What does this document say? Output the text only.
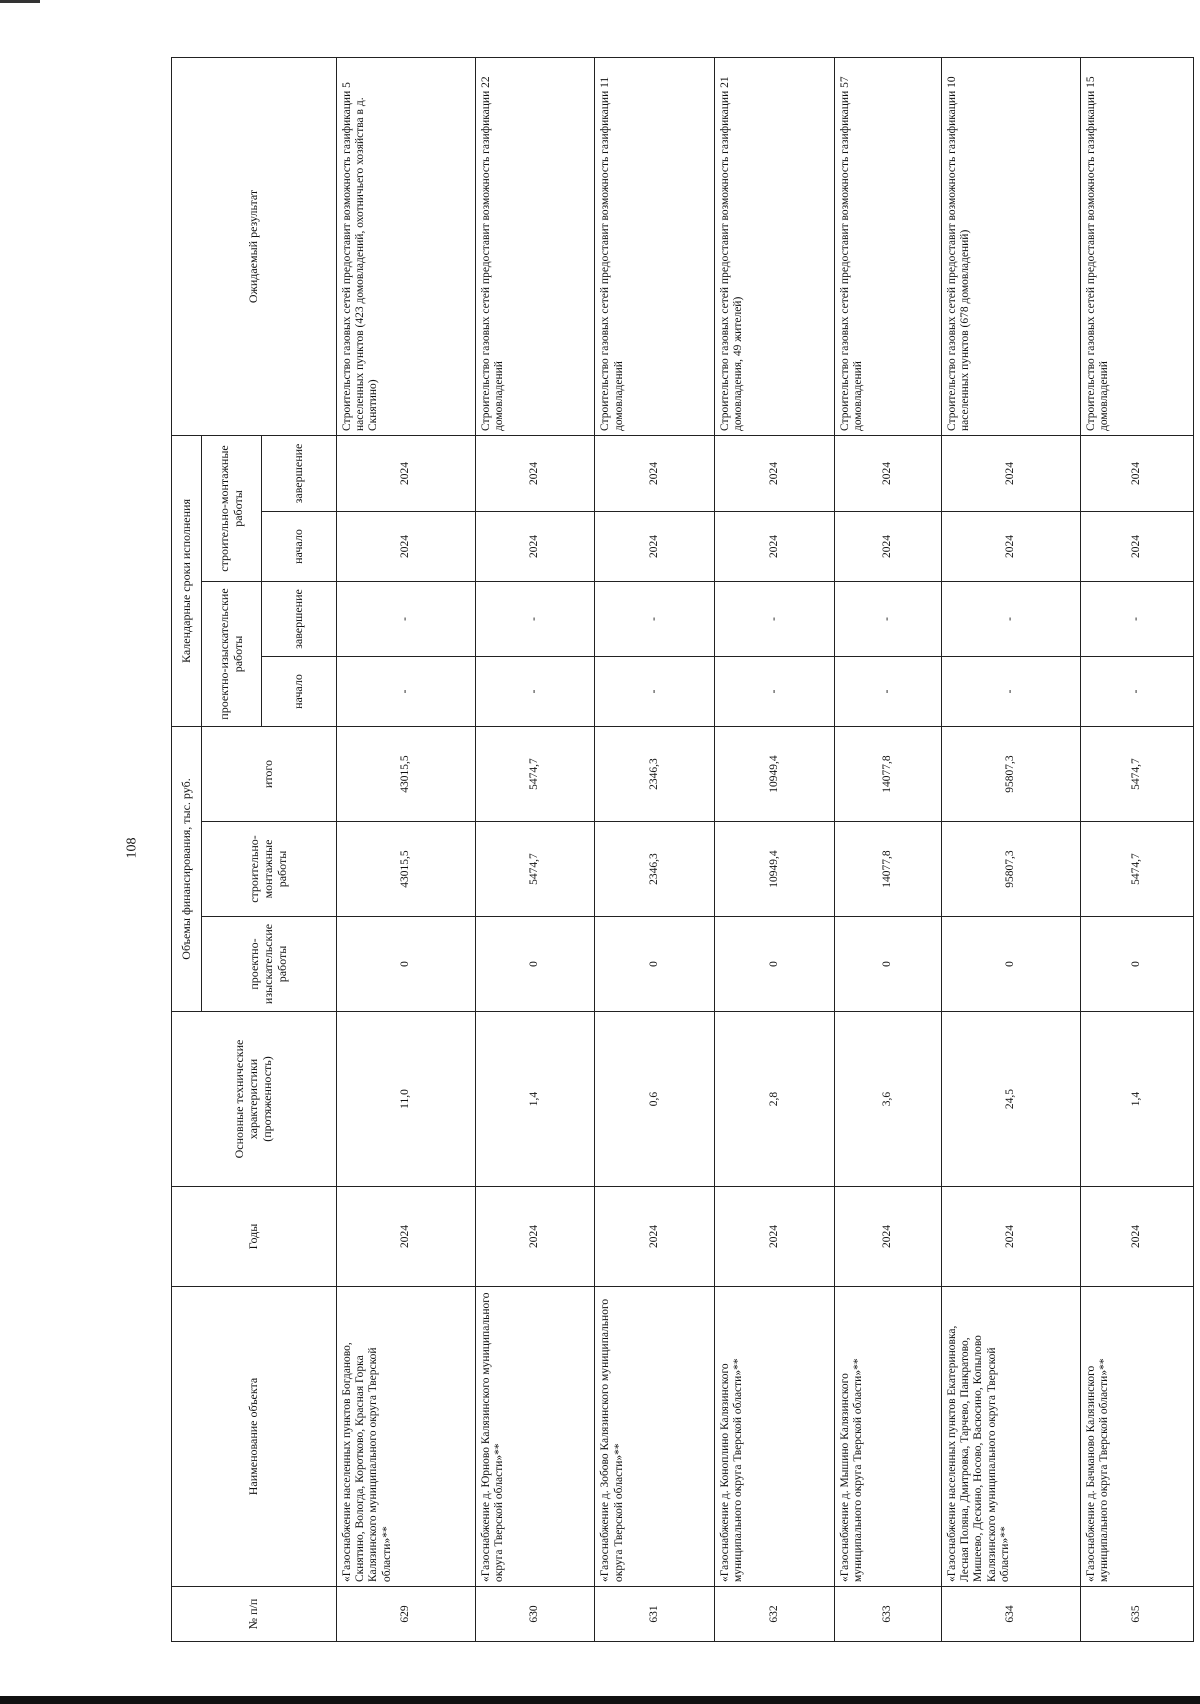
108
№ п/п	Наименование объекта	Годы	Основные технические характеристики (протяженность)	Объемы финансирования, тыс. руб.			Календарные сроки исполнения				Ожидаемый результат
				проектно-изыскательские работы	строительно-монтажные работы	итого	проектно-изыскательские работы		строительно-монтажные работы		
							начало	завершение	начало	завершение	
629	«Газоснабжение населенных пунктов Богданово, Скнятино, Вологда, Коротково, Красная Горка Калязинского муниципального округа Тверской области»**	2024	11,0	0	43015,5	43015,5	-	-	2024	2024	Строительство газовых сетей предоставит возможность газификации 5 населенных пунктов (423 домовладений, охотничьего хозяйства в д. Скнятино)
630	«Газоснабжение д. Юрново Калязинского муниципального округа Тверской области»**	2024	1,4	0	5474,7	5474,7	-	-	2024	2024	Строительство газовых сетей предоставит возможность газификации 22 домовладений
631	«Газоснабжение д. Зобово Калязинского муниципального округа Тверской области»**	2024	0,6	0	2346,3	2346,3	-	-	2024	2024	Строительство газовых сетей предоставит возможность газификации 11 домовладений
632	«Газоснабжение д. Коноплино Калязинского муниципального округа Тверской области»**	2024	2,8	0	10949,4	10949,4	-	-	2024	2024	Строительство газовых сетей предоставит возможность газификации 21 домовладения, 49 жителей)
633	«Газоснабжение д. Мышино Калязинского муниципального округа Тверской области»**	2024	3,6	0	14077,8	14077,8	-	-	2024	2024	Строительство газовых сетей предоставит возможность газификации 57 домовладений
634	«Газоснабжение населенных пунктов Екатериновка, Лесная Поляна, Дмитровка, Тарчево, Панкратово, Мишеево, Дескино, Носово, Васюсино, Копылово Калязинского муниципального округа Тверской области»**	2024	24,5	0	95807,3	95807,3	-	-	2024	2024	Строительство газовых сетей предоставит возможность газификации 10 населенных пунктов (678 домовладений)
635	«Газоснабжение д. Бачманово Калязинского муниципального округа Тверской области»**	2024	1,4	0	5474,7	5474,7	-	-	2024	2024	Строительство газовых сетей предоставит возможность газификации 15 домовладений
